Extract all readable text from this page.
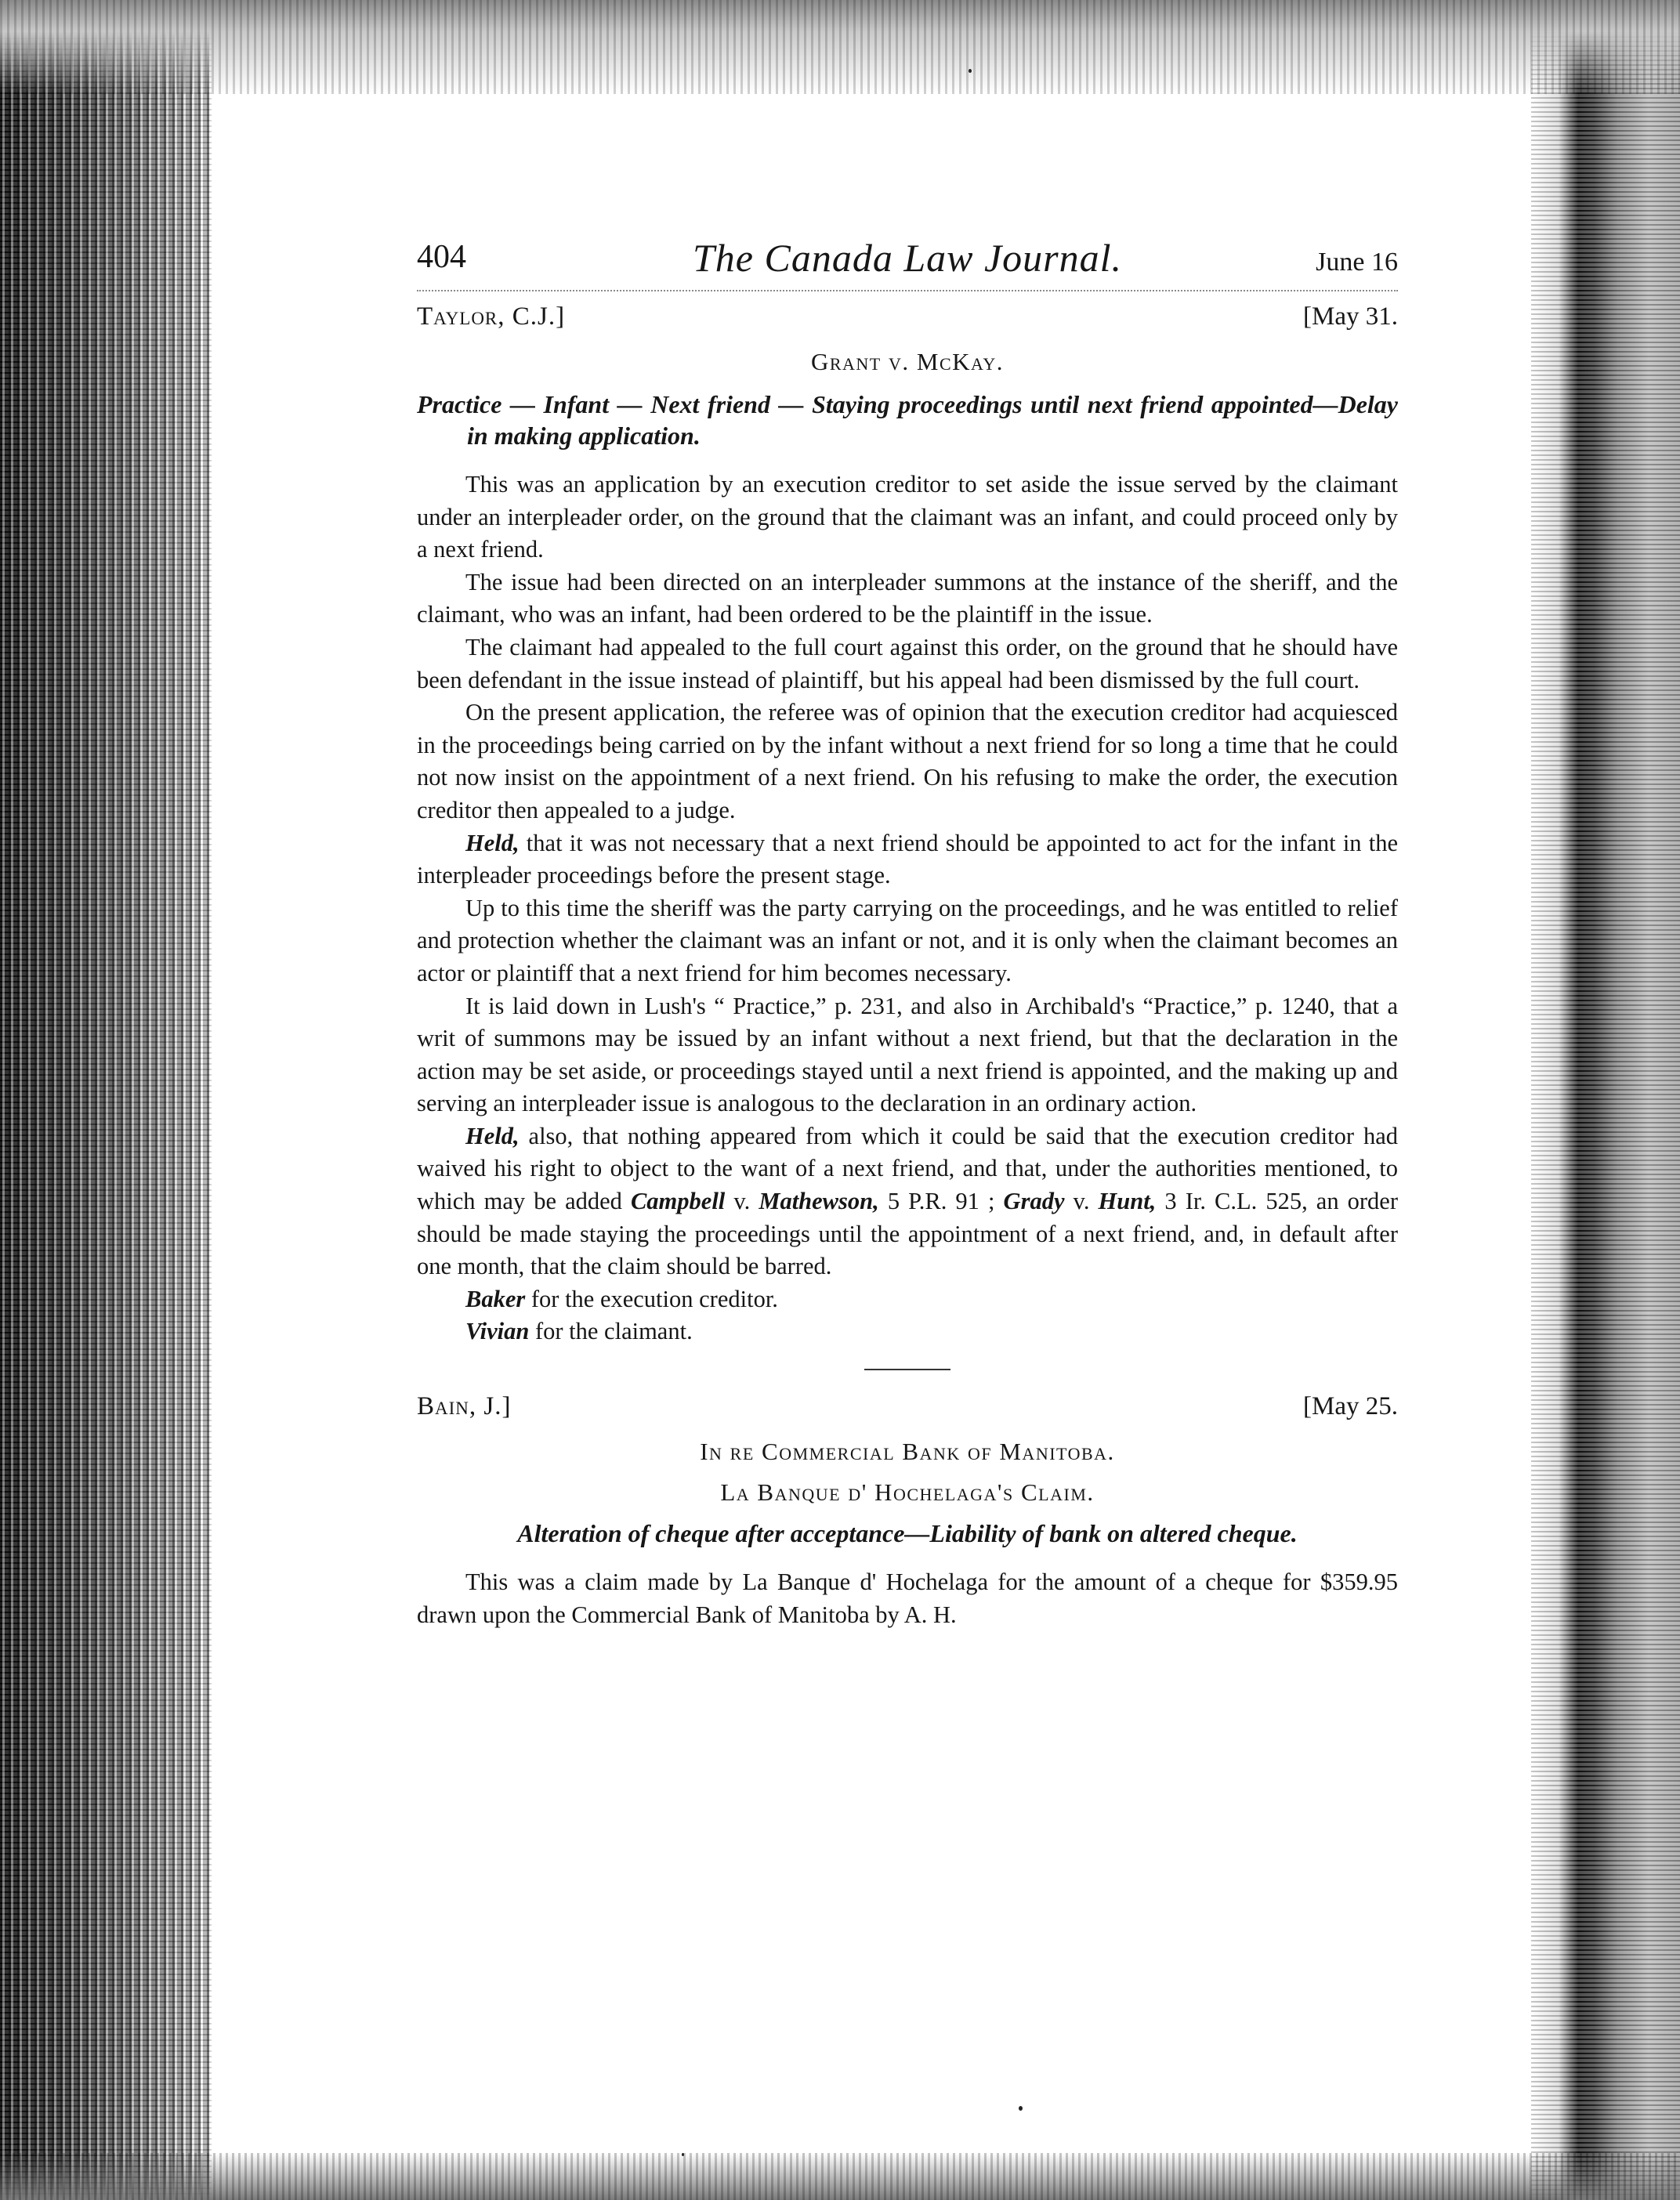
404	The Canada Law Journal.	June 16
Taylor, C.J.]	[May 31.
Grant v. McKay.
Practice — Infant — Next friend — Staying proceedings until next friend appointed—Delay in making application.

This was an application by an execution creditor to set aside the issue served by the claimant under an interpleader order, on the ground that the claimant was an infant, and could proceed only by a next friend.

The issue had been directed on an interpleader summons at the instance of the sheriff, and the claimant, who was an infant, had been ordered to be the plaintiff in the issue.

The claimant had appealed to the full court against this order, on the ground that he should have been defendant in the issue instead of plaintiff, but his appeal had been dismissed by the full court.

On the present application, the referee was of opinion that the execution creditor had acquiesced in the proceedings being carried on by the infant without a next friend for so long a time that he could not now insist on the appointment of a next friend. On his refusing to make the order, the execution creditor then appealed to a judge.

Held, that it was not necessary that a next friend should be appointed to act for the infant in the interpleader proceedings before the present stage.

Up to this time the sheriff was the party carrying on the proceedings, and he was entitled to relief and protection whether the claimant was an infant or not, and it is only when the claimant becomes an actor or plaintiff that a next friend for him becomes necessary.

It is laid down in Lush's “ Practice,” p. 231, and also in Archibald's “Practice,” p. 1240, that a writ of summons may be issued by an infant without a next friend, but that the declaration in the action may be set aside, or proceedings stayed until a next friend is appointed, and the making up and serving an interpleader issue is analogous to the declaration in an ordinary action.

Held, also, that nothing appeared from which it could be said that the execution creditor had waived his right to object to the want of a next friend, and that, under the authorities mentioned, to which may be added Campbell v. Mathewson, 5 P.R. 91 ; Grady v. Hunt, 3 Ir. C.L. 525, an order should be made staying the proceedings until the appointment of a next friend, and, in default after one month, that the claim should be barred.

Baker for the execution creditor.

Vivian for the claimant.

Bain, J.]	[May 25.
In re Commercial Bank of Manitoba.
La Banque d' Hochelaga's Claim.
Alteration of cheque after acceptance—Liability of bank on altered cheque.

This was a claim made by La Banque d' Hochelaga for the amount of a cheque for $359.95 drawn upon the Commercial Bank of Manitoba by A. H.
